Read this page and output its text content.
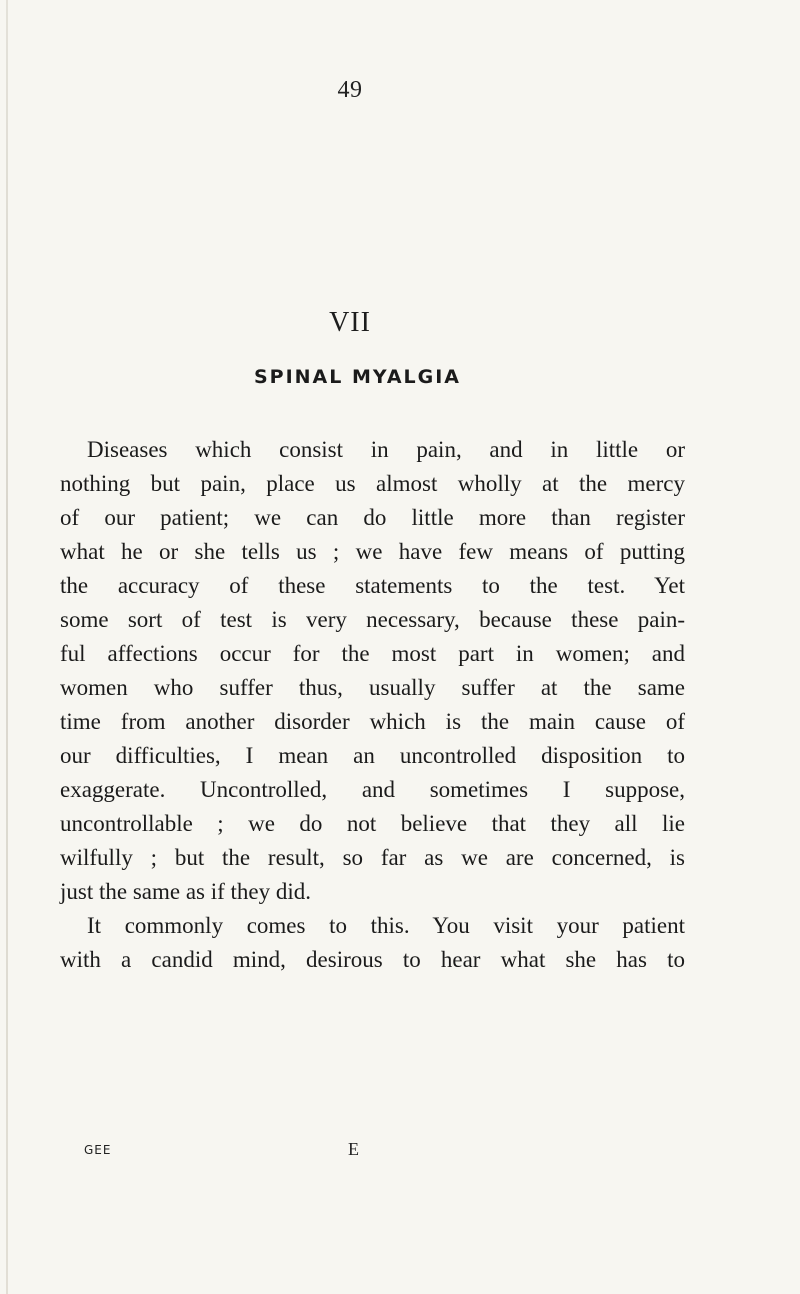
49
VII
SPINAL MYALGIA
Diseases which consist in pain, and in little or
nothing but pain, place us almost wholly at the mercy
of our patient; we can do little more than register
what he or she tells us ; we have few means of putting
the accuracy of these statements to the test. Yet
some sort of test is very necessary, because these pain-
ful affections occur for the most part in women; and
women who suffer thus, usually suffer at the same
time from another disorder which is the main cause of
our difficulties, I mean an uncontrolled disposition to
exaggerate. Uncontrolled, and sometimes I suppose,
uncontrollable ; we do not believe that they all lie
wilfully ; but the result, so far as we are concerned, is
just the same as if they did.
It commonly comes to this. You visit your patient
with a candid mind, desirous to hear what she has to
GEE	E
